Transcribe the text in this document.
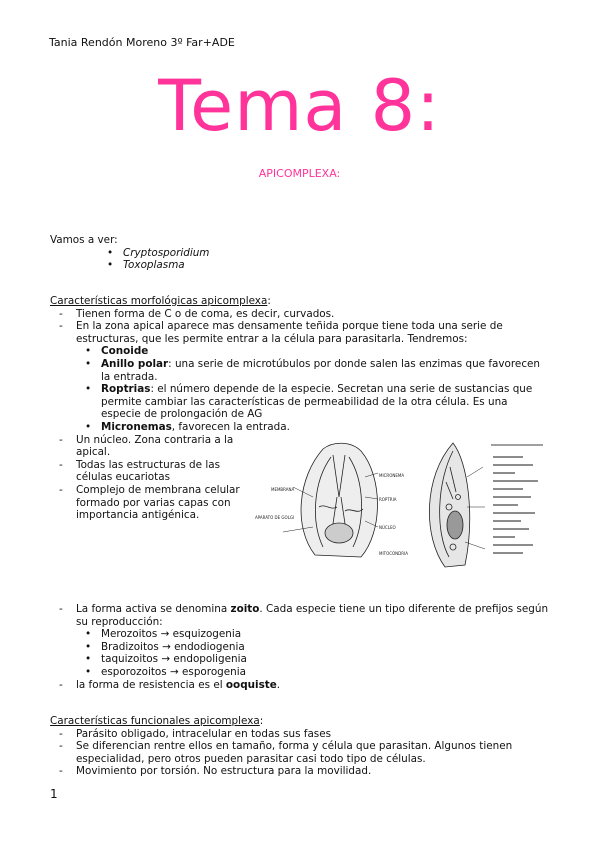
Tania Rendón Moreno 3º Far+ADE
Tema 8:
APICOMPLEXA:
Vamos a ver:
• Cryptosporidium
• Toxoplasma
Características morfológicas apicomplexa:
- Tienen forma de C o de coma, es decir, curvados.
- En la zona apical aparece mas densamente teñida porque tiene toda una serie de estructuras, que les permite entrar a la célula para parasitarla. Tendremos:
• Conoide
• Anillo polar: una serie de microtúbulos por donde salen las enzimas que favorecen la entrada.
• Roptrias: el número depende de la especie. Secretan una serie de sustancias que permite cambiar las características de permeabilidad de la otra célula. Es una especie de prolongación de AG
• Micronemas, favorecen la entrada.
- Un núcleo. Zona contraria a la apical.
- Todas las estructuras de las células eucariotas
- Complejo de membrana celular formado por varias capas con importancia antigénica.
MEMBRANA
APARATO DE GOLGI
MICRONEMA
ROPTRIA
NÚCLEO
MITOCONDRIA
- La forma activa se denomina zoito. Cada especie tiene un tipo diferente de prefijos según su reproducción:
• Merozoitos → esquizogenia
• Bradizoitos → endodiogenia
• taquizoitos → endopoligenia
• esporozoitos → esporogenia
- la forma de resistencia es el ooquiste.
Características funcionales apicomplexa:
- Parásito obligado, intracelular en todas sus fases
- Se diferencian rentre ellos en tamaño, forma y célula que parasitan. Algunos tienen especialidad, pero otros pueden parasitar casi todo tipo de células.
- Movimiento por torsión. No estructura para la movilidad.
1
